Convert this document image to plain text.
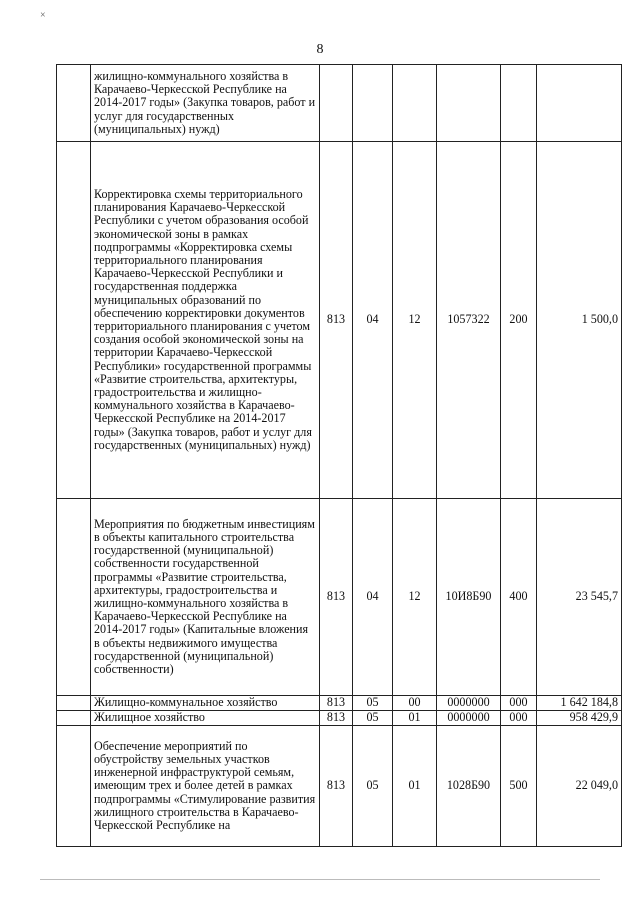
×
8
	жилищно-коммунального хозяйства в Карачаево-Черкесской Республике на 2014-2017 годы» (Закупка товаров, работ и услуг для государственных (муниципальных) нужд)						
	Корректировка схемы территориального планирования Карачаево-Черкесской Республики с учетом образования особой экономической зоны в рамках подпрограммы «Корректировка схемы территориального планирования Карачаево-Черкесской Республики и государственная поддержка муниципальных образований по обеспечению корректировки документов территориального планирования с учетом создания особой экономической зоны на территории Карачаево-Черкесской Республики» государственной программы «Развитие строительства, архитектуры, градостроительства и жилищно-коммунального хозяйства в Карачаево-Черкесской Республике на 2014-2017 годы» (Закупка товаров, работ и услуг для государственных (муниципальных) нужд)	813	04	12	1057322	200	1 500,0
	Мероприятия по бюджетным инвестициям в объекты капитального строительства государственной (муниципальной) собственности государственной программы «Развитие строительства, архитектуры, градостроительства и жилищно-коммунального хозяйства в Карачаево-Черкесской Республике на 2014-2017 годы» (Капитальные вложения в объекты недвижимого имущества государственной (муниципальной) собственности)	813	04	12	10И8Б90	400	23 545,7
	Жилищно-коммунальное хозяйство	813	05	00	0000000	000	1 642 184,8
	Жилищное хозяйство	813	05	01	0000000	000	958 429,9
	Обеспечение мероприятий по обустройству земельных участков инженерной инфраструктурой семьям, имеющим трех и более детей в рамках подпрограммы «Стимулирование развития жилищного строительства в Карачаево-Черкесской Республике на	813	05	01	1028Б90	500	22 049,0
